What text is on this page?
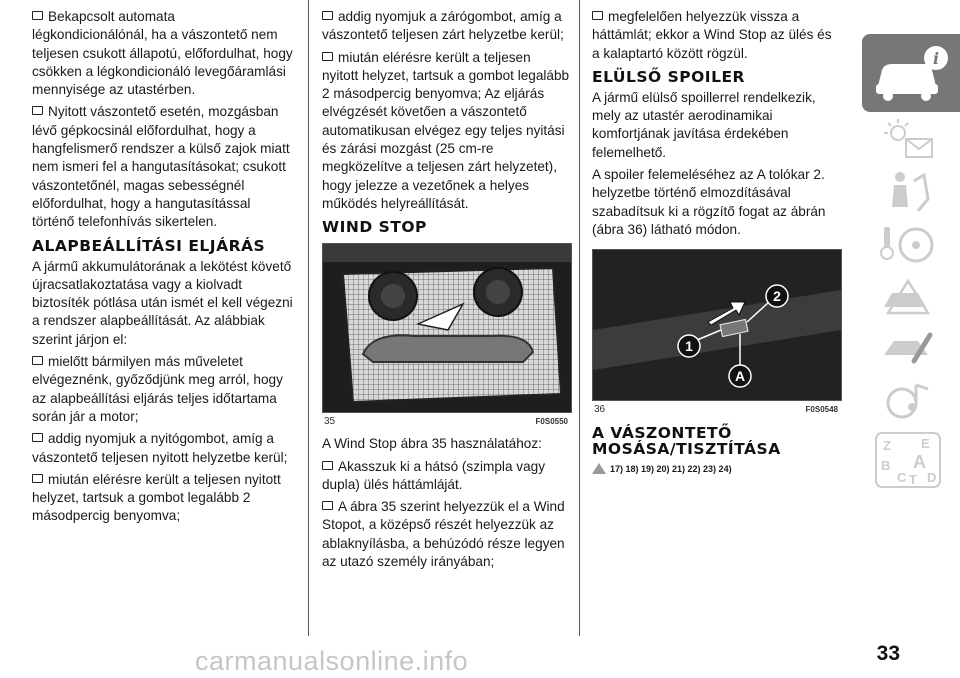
Bekapcsolt automata légkondicionálónál, ha a vászontető nem teljesen csukott állapotú, előfordulhat, hogy csökken a légkondicionáló levegőáramlási mennyisége az utastérben.

Nyitott vászontető esetén, mozgásban lévő gépkocsinál előfordulhat, hogy a hangfelismerő rendszer a külső zajok miatt nem ismeri fel a hangutasításokat; csukott vászontetőnél, magas sebességnél előfordulhat, hogy a hangutasítással történő telefonhívás sikertelen.

ALAPBEÁLLÍTÁSI ELJÁRÁS

A jármű akkumulátorának a lekötést követő újracsatlakoztatása vagy a kiolvadt biztosíték pótlása után ismét el kell végezni a rendszer alapbeállítását. Az alábbiak szerint járjon el:

mielőtt bármilyen más műveletet elvégeznénk, győződjünk meg arról, hogy az alapbeállítási eljárás teljes időtartama során jár a motor;

addig nyomjuk a nyitógombot, amíg a vászontető teljesen nyitott helyzetbe kerül;

miután elérésre került a teljesen nyitott helyzet, tartsuk a gombot legalább 2 másodpercig benyomva;

addig nyomjuk a zárógombot, amíg a vászontető teljesen zárt helyzetbe kerül;

miután elérésre került a teljesen nyitott helyzet, tartsuk a gombot legalább 2 másodpercig benyomva; Az eljárás elvégzését követően a vászontető automatikusan elvégez egy teljes nyitási és zárási mozgást (25 cm-re megközelítve a teljesen zárt helyzetet), hogy jelezze a vezetőnek a helyes működés helyreállítását.

WIND STOP
35	F0S0550

A Wind Stop ábra 35 használatához:

Akasszuk ki a hátsó (szimpla vagy dupla) ülés háttámláját.

A ábra 35 szerint helyezzük el a Wind Stopot, a középső részét helyezzük az ablaknyílásba, a behúzódó része legyen az utazó személy irányában;

megfelelően helyezzük vissza a háttámlát; ekkor a Wind Stop az ülés és a kalaptartó között rögzül.

ELÜLSŐ SPOILER

A jármű elülső spoillerrel rendelkezik, mely az utastér aerodinamikai komfortjának javítása érdekében felemelhető.

A spoiler felemeléséhez az A tolókar 2. helyzetbe történő elmozdításával szabadítsuk ki a rögzítő fogat az ábrán (ábra 36) látható módon.

1
2
A
36	F0S0548
A VÁSZONTETŐ MOSÁSA/TISZTÍTÁSA
17) 18) 19) 20) 21) 22) 23) 24)
i
Z E
B
C T
A
D
carmanualsonline.info	33
